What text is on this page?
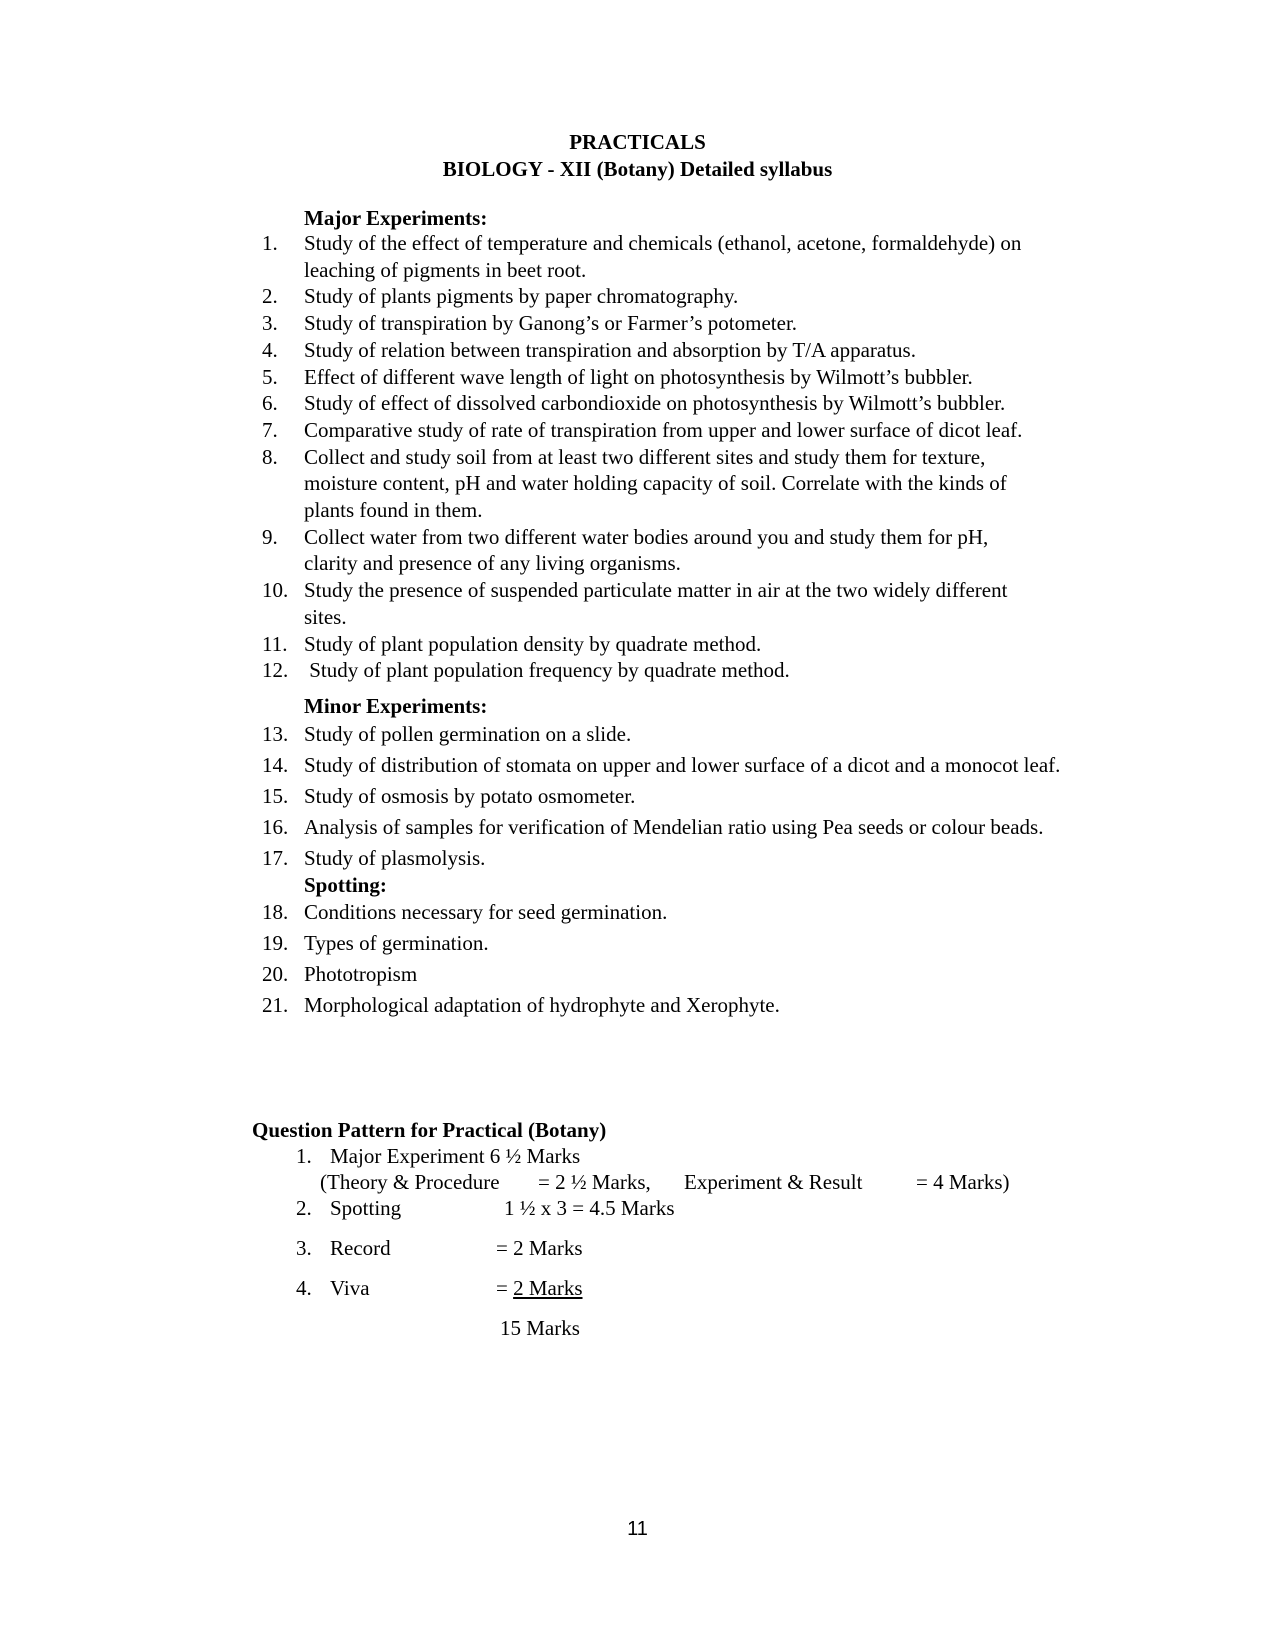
PRACTICALS
BIOLOGY - XII (Botany) Detailed syllabus
Major Experiments:
1.	Study of the effect of temperature and chemicals (ethanol, acetone, formaldehyde) on
leaching of pigments in beet root.
2.	Study of plants pigments by paper chromatography.
3.	Study of transpiration by Ganong’s or Farmer’s potometer.
4.	Study of relation between transpiration and absorption by T/A apparatus.
5.	Effect of different wave length of light on photosynthesis by Wilmott’s bubbler.
6.	Study of effect of dissolved carbondioxide on photosynthesis by Wilmott’s bubbler.
7.	Comparative study of rate of transpiration from upper and lower surface of dicot leaf.
8.	Collect and study soil from at least two different sites and study them for texture,
moisture content, pH and water holding capacity of soil. Correlate with the kinds of
plants found in them.
9.	Collect water from two different water bodies around you and study them for pH,
clarity and presence of any living organisms.
10. Study the presence of suspended particulate matter in air at the two widely different
sites.
11. Study of plant population density by quadrate method.
12. Study of plant population frequency by quadrate method.
Minor Experiments:
13. Study of pollen germination on a slide.
14. Study of distribution of stomata on upper and lower surface of a dicot and a monocot leaf.
15. Study of osmosis by potato osmometer.
16. Analysis of samples for verification of Mendelian ratio using Pea seeds or colour beads.
17. Study of plasmolysis.
Spotting:
18. Conditions necessary for seed germination.
19. Types of germination.
20. Phototropism
21. Morphological adaptation of hydrophyte and Xerophyte.
Question Pattern for Practical (Botany)
1. Major Experiment 6 ½ Marks
(Theory & Procedure = 2 ½ Marks, Experiment & Result	= 4 Marks)
2. Spotting	1 ½ x 3 = 4.5 Marks
3. Record	= 2 Marks
4. Viva	= 2 Marks
15 Marks
11
